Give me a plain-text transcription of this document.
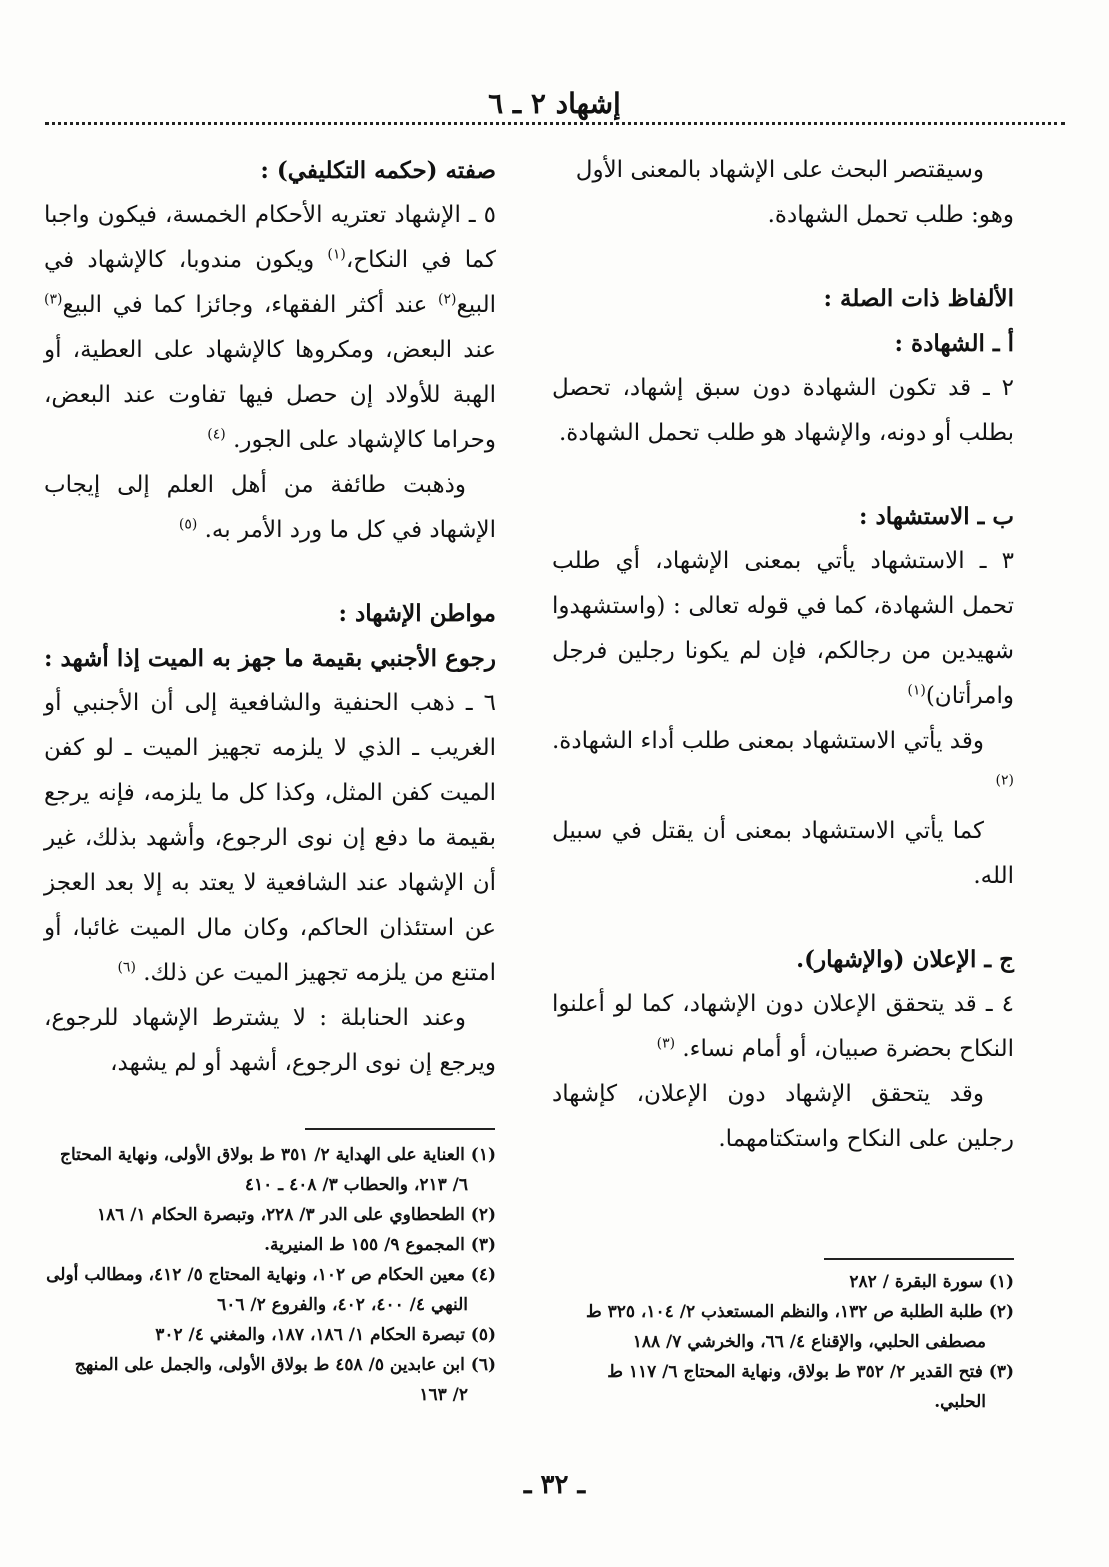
إشهاد ٢ ـ ٦

وسيقتصر البحث على الإشهاد بالمعنى الأول

وهو: طلب تحمل الشهادة.

الألفاظ ذات الصلة :

أ ـ الشهادة :

٢ ـ قد تكون الشهادة دون سبق إشهاد، تحصل بطلب أو دونه، والإشهاد هو طلب تحمل الشهادة.

ب ـ الاستشهاد :

٣ ـ الاستشهاد يأتي بمعنى الإشهاد، أي طلب تحمل الشهادة، كما في قوله تعالى : (واستشهدوا شهيدين من رجالكم، فإن لم يكونا رجلين فرجل وامرأتان)$^{(١)}$

وقد يأتي الاستشهاد بمعنى طلب أداء الشهادة. $^{(٢)}$

كما يأتي الاستشهاد بمعنى أن يقتل في سبيل الله.

ج ـ الإعلان (والإشهار).

٤ ـ قد يتحقق الإعلان دون الإشهاد، كما لو أعلنوا النكاح بحضرة صبيان، أو أمام نساء. $^{(٣)}$

وقد يتحقق الإشهاد دون الإعلان، كإشهاد رجلين على النكاح واستكتامهما.

صفته (حكمه التكليفي) :

٥ ـ الإشهاد تعتريه الأحكام الخمسة، فيكون واجبا كما في النكاح،$^{(١)}$ ويكون مندوبا، كالإشهاد في البيع$^{(٢)}$ عند أكثر الفقهاء، وجائزا كما في البيع$^{(٣)}$ عند البعض، ومكروها كالإشهاد على العطية، أو الهبة للأولاد إن حصل فيها تفاوت عند البعض، وحراما كالإشهاد على الجور. $^{(٤)}$

وذهبت طائفة من أهل العلم إلى إيجاب الإشهاد في كل ما ورد الأمر به. $^{(٥)}$

مواطن الإشهاد :

رجوع الأجنبي بقيمة ما جهز به الميت إذا أشهد :

٦ ـ ذهب الحنفية والشافعية إلى أن الأجنبي أو الغريب ـ الذي لا يلزمه تجهيز الميت ـ لو كفن الميت كفن المثل، وكذا كل ما يلزمه، فإنه يرجع بقيمة ما دفع إن نوى الرجوع، وأشهد بذلك، غير أن الإشهاد عند الشافعية لا يعتد به إلا بعد العجز عن استئذان الحاكم، وكان مال الميت غائبا، أو امتنع من يلزمه تجهيز الميت عن ذلك. $^{(٦)}$

وعند الحنابلة : لا يشترط الإشهاد للرجوع، ويرجع إن نوى الرجوع، أشهد أو لم يشهد،

(١) العناية على الهداية ٢/ ٣٥١ ط بولاق الأولى، ونهاية المحتاج
٦/ ٢١٣، والحطاب ٣/ ٤٠٨ ـ ٤١٠

(٢) الطحطاوي على الدر ٣/ ٢٢٨، وتبصرة الحكام ١/ ١٨٦

(٣) المجموع ٩/ ١٥٥ ط المنيرية.

(٤) معين الحكام ص ١٠٢، ونهاية المحتاج ٥/ ٤١٢، ومطالب أولى
النهي ٤/ ٤٠٠، ٤٠٢، والفروع ٢/ ٦٠٦

(٥) تبصرة الحكام ١/ ١٨٦، ١٨٧، والمغني ٤/ ٣٠٢

(٦) ابن عابدين ٥/ ٤٥٨ ط بولاق الأولى، والجمل على المنهج
٢/ ١٦٣

(١) سورة البقرة / ٢٨٢

(٢) طلبة الطلبة ص ١٣٢، والنظم المستعذب ٢/ ١٠٤، ٣٢٥ ط
مصطفى الحلبي، والإقناع ٤/ ٦٦، والخرشي ٧/ ١٨٨

(٣) فتح القدير ٢/ ٣٥٢ ط بولاق، ونهاية المحتاج ٦/ ١١٧ ط
الحلبي.

ـ ٣٢ ـ
